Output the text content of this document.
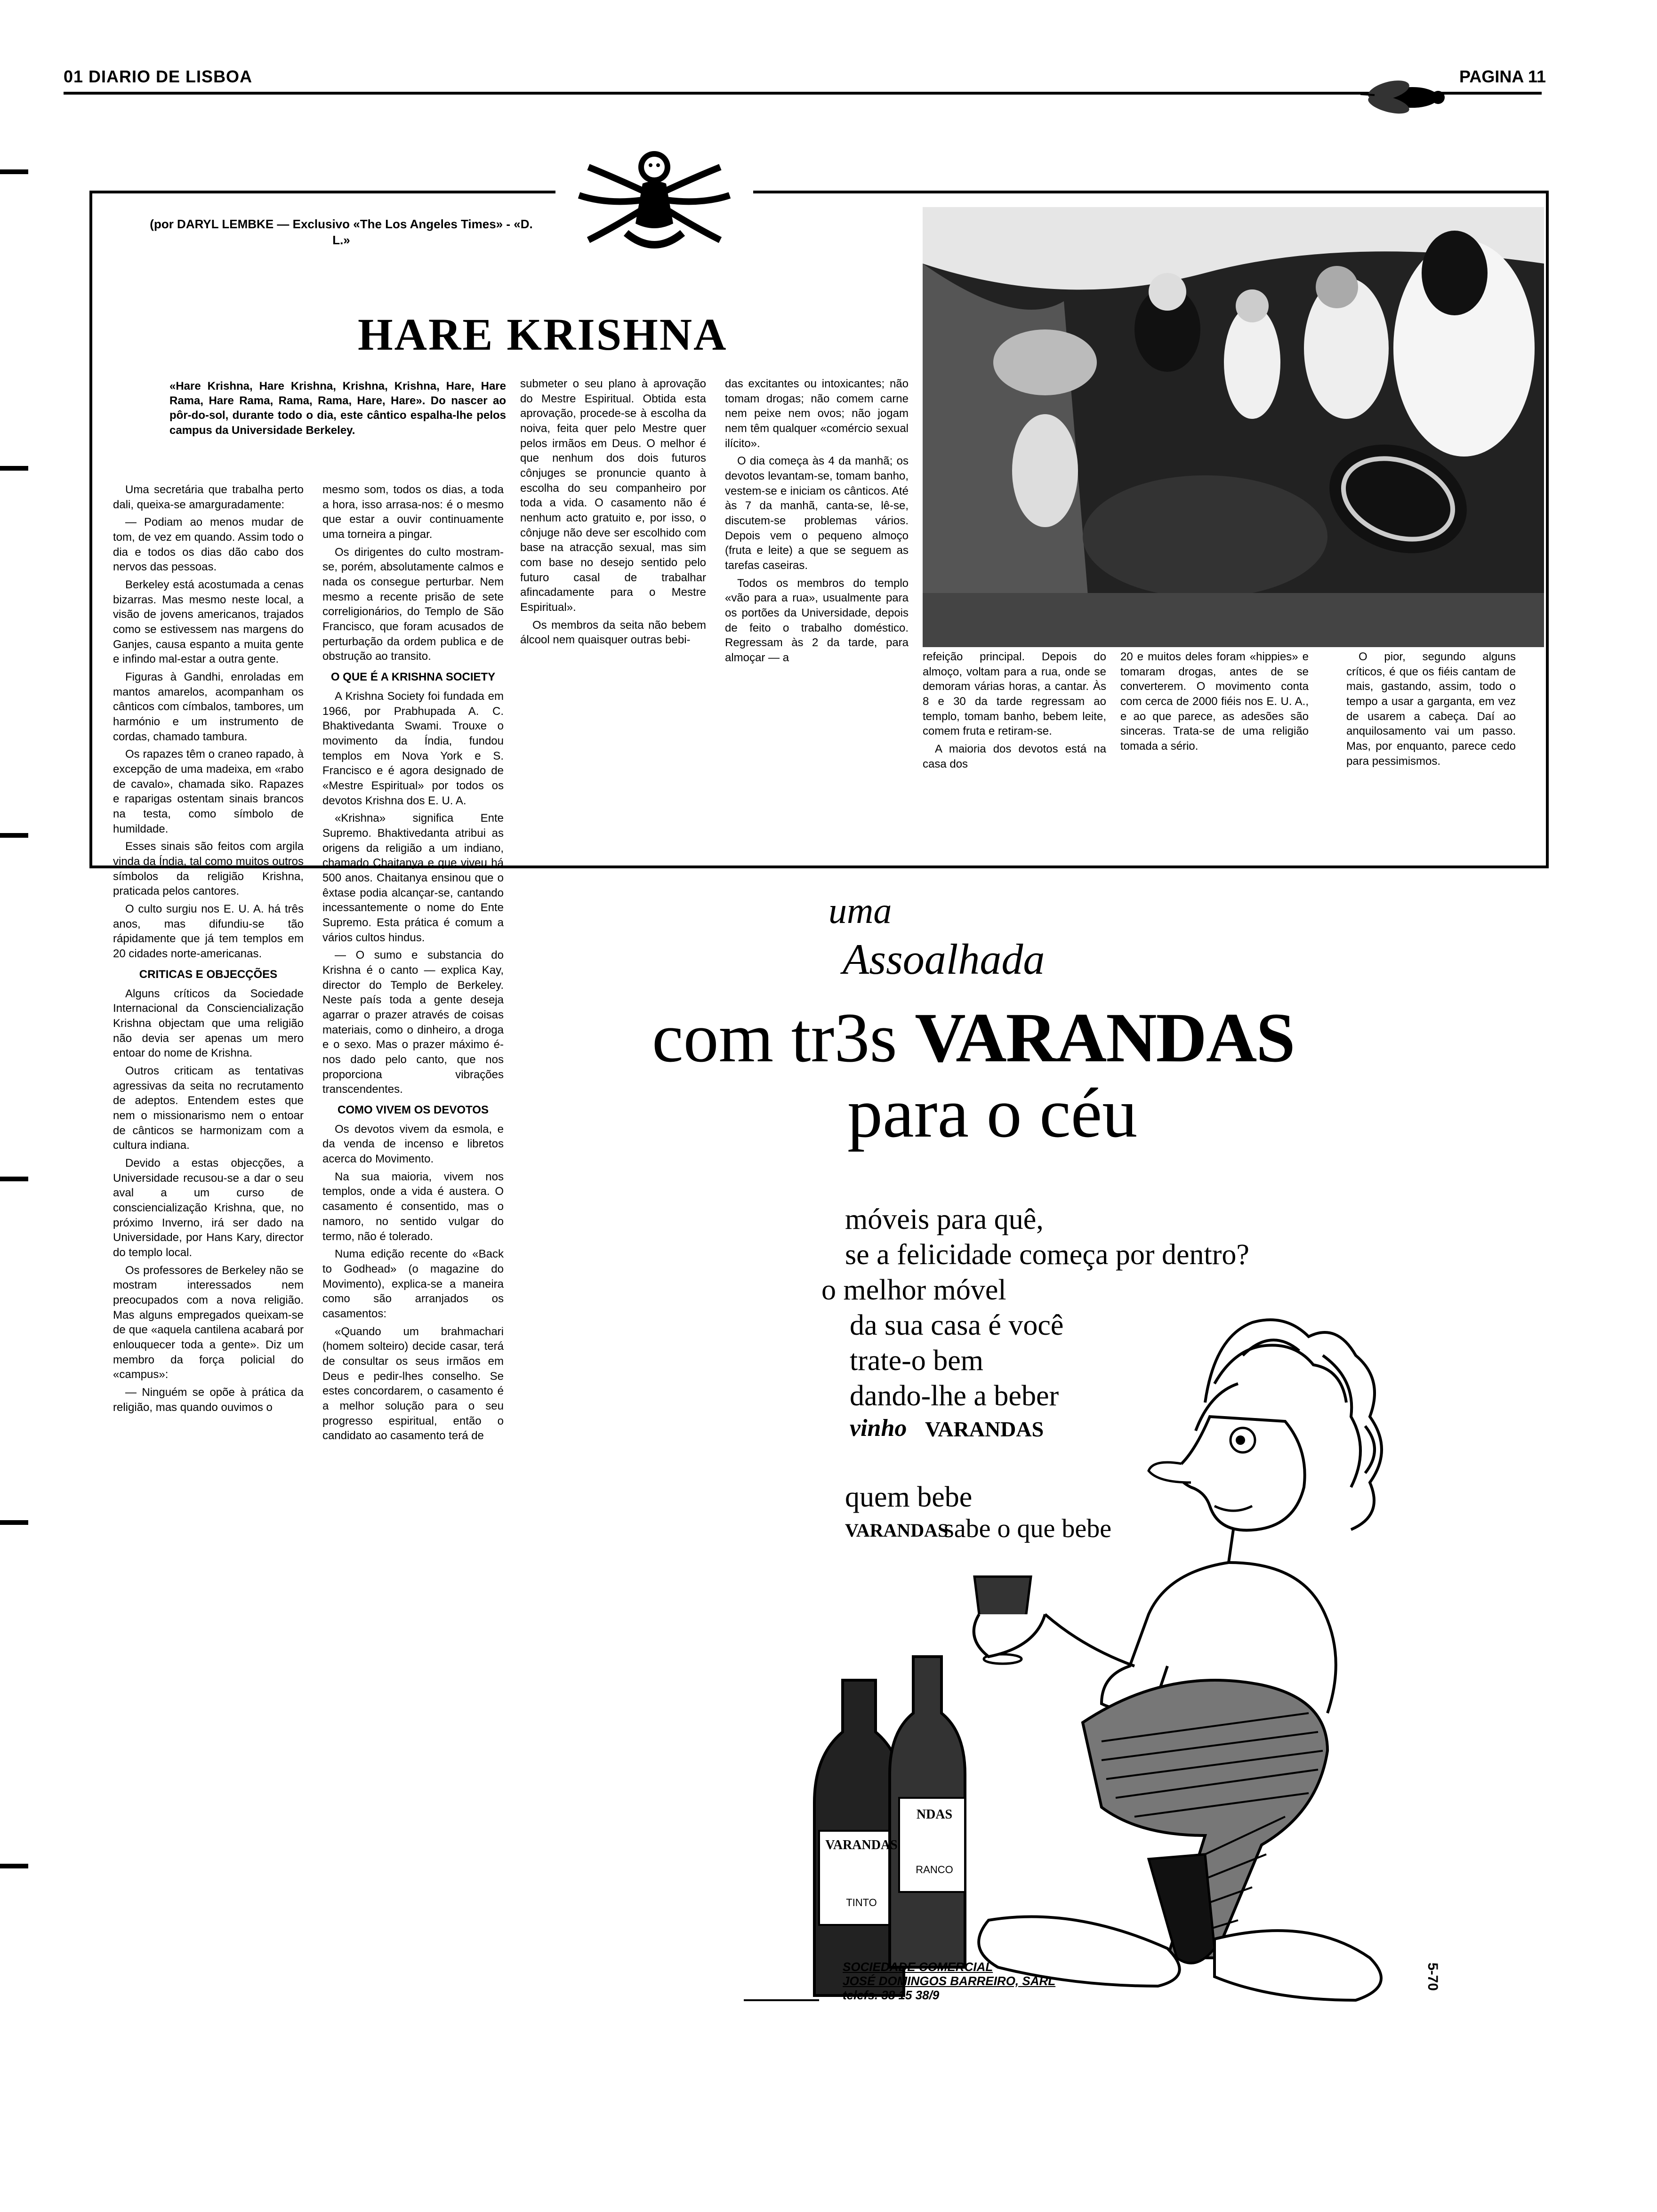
01 DIARIO DE LISBOA	PAGINA 11
(por DARYL LEMBKE — Exclusivo «The Los Angeles Times» - «D. L.»
HARE KRISHNA
«Hare Krishna, Hare Krishna, Krishna, Krishna, Hare, Hare Rama, Hare Rama, Rama, Rama, Hare, Hare». Do nascer ao pôr-do-sol, durante todo o dia, este cântico espalha-lhe pelos campus da Universidade Berkeley.

Uma secretária que trabalha perto dali, queixa-se amarguradamente:

— Podiam ao menos mudar de tom, de vez em quando. Assim todo o dia e todos os dias dão cabo dos nervos das pessoas.

Berkeley está acostumada a cenas bizarras. Mas mesmo neste local, a visão de jovens americanos, trajados como se estivessem nas margens do Ganjes, causa espanto a muita gente e infindo mal-estar a outra gente.

Figuras à Gandhi, enroladas em mantos amarelos, acompanham os cânticos com címbalos, tambores, um harmónio e um instrumento de cordas, chamado tambura.

Os rapazes têm o craneo rapado, à excepção de uma madeixa, em «rabo de cavalo», chamada siko. Rapazes e raparigas ostentam sinais brancos na testa, como símbolo de humildade.

Esses sinais são feitos com argila vinda da Índia, tal como muitos outros símbolos da religião Krishna, praticada pelos cantores.

O culto surgiu nos E. U. A. há três anos, mas difundiu-se tão rápidamente que já tem templos em 20 cidades norte-americanas.

CRITICAS E OBJECÇÕES

Alguns críticos da Sociedade Internacional da Consciencialização Krishna objectam que uma religião não devia ser apenas um mero entoar do nome de Krishna.

Outros criticam as tentativas agressivas da seita no recrutamento de adeptos. Entendem estes que nem o missionarismo nem o entoar de cânticos se harmonizam com a cultura indiana.

Devido a estas objecções, a Universidade recusou-se a dar o seu aval a um curso de consciencialização Krishna, que, no próximo Inverno, irá ser dado na Universidade, por Hans Kary, director do templo local.

Os professores de Berkeley não se mostram interessados nem preocupados com a nova religião. Mas alguns empregados queixam-se de que «aquela cantilena acabará por enlouquecer toda a gente». Diz um membro da força policial do «campus»:

— Ninguém se opõe à prática da religião, mas quando ouvimos o

mesmo som, todos os dias, a toda a hora, isso arrasa-nos: é o mesmo que estar a ouvir continuamente uma torneira a pingar.

Os dirigentes do culto mostram-se, porém, absolutamente calmos e nada os consegue perturbar. Nem mesmo a recente prisão de sete correligionários, do Templo de São Francisco, que foram acusados de perturbação da ordem publica e de obstrução ao transito.

O QUE É A KRISHNA SOCIETY

A Krishna Society foi fundada em 1966, por Prabhupada A. C. Bhaktivedanta Swami. Trouxe o movimento da Índia, fundou templos em Nova York e S. Francisco e é agora designado de «Mestre Espiritual» por todos os devotos Krishna dos E. U. A.

«Krishna» significa Ente Supremo. Bhaktivedanta atribui as origens da religião a um indiano, chamado Chaitanya e que viveu há 500 anos. Chaitanya ensinou que o êxtase podia alcançar-se, cantando incessantemente o nome do Ente Supremo. Esta prática é comum a vários cultos hindus.

— O sumo e substancia do Krishna é o canto — explica Kay, director do Templo de Berkeley. Neste país toda a gente deseja agarrar o prazer através de coisas materiais, como o dinheiro, a droga e o sexo. Mas o prazer máximo é-nos dado pelo canto, que nos proporciona vibrações transcendentes.

COMO VIVEM OS DEVOTOS

Os devotos vivem da esmola, e da venda de incenso e libretos acerca do Movimento.

Na sua maioria, vivem nos templos, onde a vida é austera. O casamento é consentido, mas o namoro, no sentido vulgar do termo, não é tolerado.

Numa edição recente do «Back to Godhead» (o magazine do Movimento), explica-se a maneira como são arranjados os casamentos:

«Quando um brahmachari (homem solteiro) decide casar, terá de consultar os seus irmãos em Deus e pedir-lhes conselho. Se estes concordarem, o casamento é a melhor solução para o seu progresso espiritual, então o candidato ao casamento terá de

submeter o seu plano à aprovação do Mestre Espiritual. Obtida esta aprovação, procede-se à escolha da noiva, feita quer pelo Mestre quer pelos irmãos em Deus. O melhor é que nenhum dos dois futuros cônjuges se pronuncie quanto à escolha do seu companheiro por toda a vida. O casamento não é nenhum acto gratuito e, por isso, o cônjuge não deve ser escolhido com base na atracção sexual, mas sim com base no desejo sentido pelo futuro casal de trabalhar afincadamente para o Mestre Espiritual».

Os membros da seita não bebem álcool nem quaisquer outras bebi-

das excitantes ou intoxicantes; não tomam drogas; não comem carne nem peixe nem ovos; não jogam nem têm qualquer «comércio sexual ilícito».

O dia começa às 4 da manhã; os devotos levantam-se, tomam banho, vestem-se e iniciam os cânticos. Até às 7 da manhã, canta-se, lê-se, discutem-se problemas vários. Depois vem o pequeno almoço (fruta e leite) a que se seguem as tarefas caseiras.

Todos os membros do templo «vão para a rua», usualmente para os portões da Universidade, depois de feito o trabalho doméstico. Regressam às 2 da tarde, para almoçar — a	refeição principal. Depois do almoço, voltam para a rua, onde se demoram várias horas, a cantar. Às 8 e 30 da tarde regressam ao templo, tomam banho, bebem leite, comem fruta e retiram-se.

A maioria dos devotos está na casa dos

20 e muitos deles foram «hippies» e tomaram drogas, antes de se converterem. O movimento conta com cerca de 2000 fiéis nos E. U. A., e ao que parece, as adesões são sinceras. Trata-se de uma religião tomada a sério.

O pior, segundo alguns críticos, é que os fiéis cantam de mais, gastando, assim, todo o tempo a usar a garganta, em vez de usarem a cabeça. Daí ao anquilosamento vai um passo. Mas, por enquanto, parece cedo para pessimismos.

uma
Assoalhada
com tr3s VARANDAS
para o céu
móveis para quê,
se a felicidade começa por dentro?
o melhor móvel
da sua casa é você
trate-o bem
dando-lhe a beber
vinho VARANDAS
quem bebe
VARANDAS
sabe o que bebe
VARANDAS
TINTO
NDAS
RANCO
SOCIEDADE COMERCIAL
JOSÉ DOMINGOS BARREIRO, SARL
telefs. 38 15 38/9
5-70
